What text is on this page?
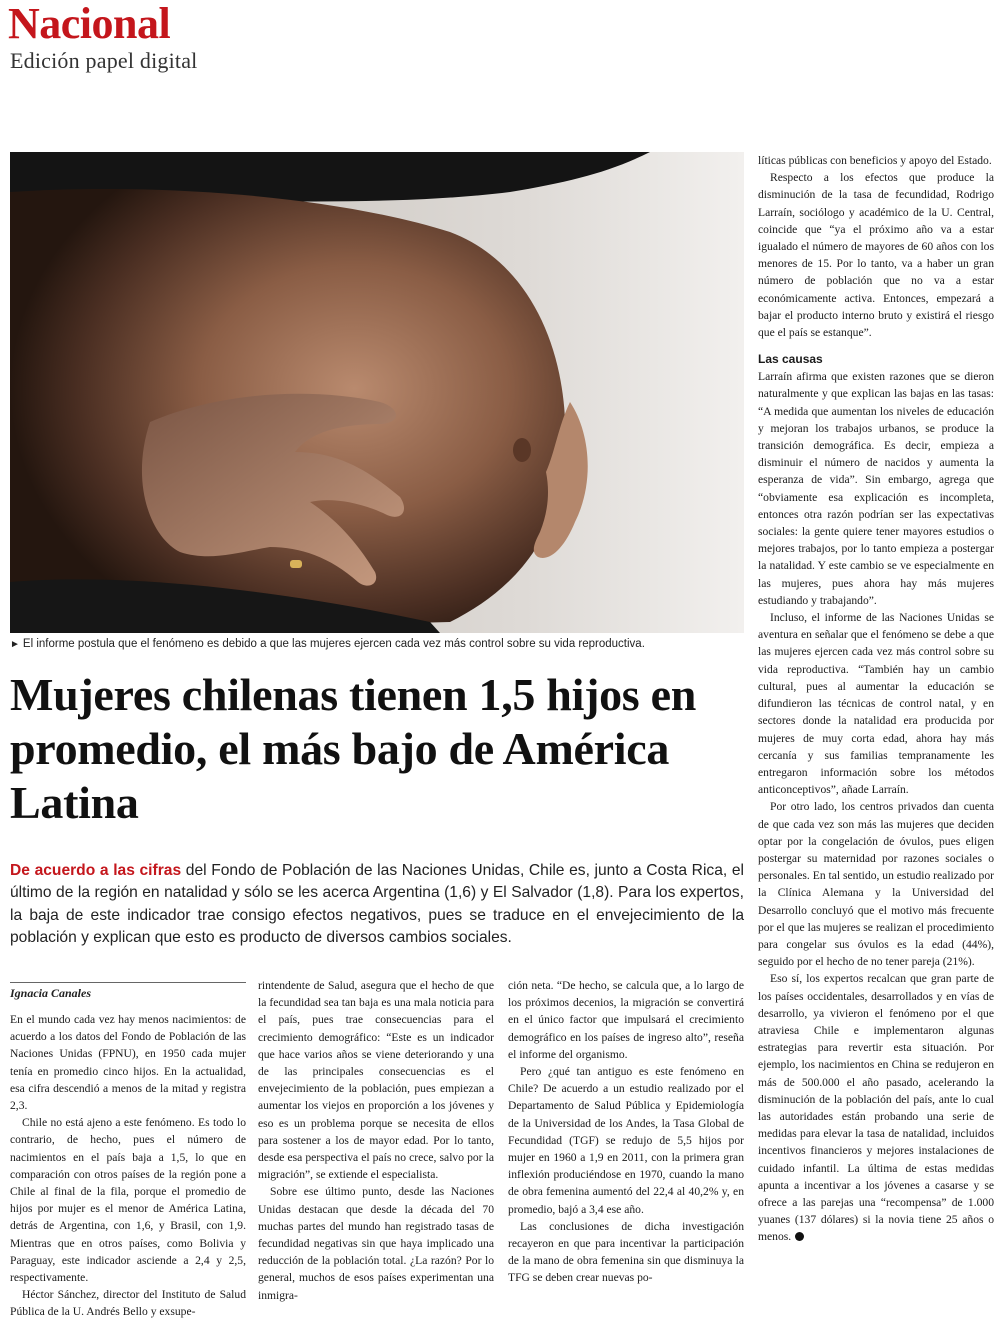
Nacional
Edición papel digital
► El informe postula que el fenómeno es debido a que las mujeres ejercen cada vez más control sobre su vida reproductiva.
Mujeres chilenas tienen 1,5 hijos en promedio, el más bajo de América Latina
De acuerdo a las cifras del Fondo de Población de las Naciones Unidas, Chile es, junto a Costa Rica, el último de la región en natalidad y sólo se les acerca Argentina (1,6) y El Salvador (1,8). Para los expertos, la baja de este indicador trae consigo efectos negativos, pues se traduce en el envejecimiento de la población y explican que esto es producto de diversos cambios sociales.
Ignacia Canales

En el mundo cada vez hay menos nacimientos: de acuerdo a los datos del Fondo de Población de las Naciones Unidas (FPNU), en 1950 cada mujer tenía en promedio cinco hijos. En la actualidad, esa cifra descendió a menos de la mitad y registra 2,3.

Chile no está ajeno a este fenómeno. Es todo lo contrario, de hecho, pues el número de nacimientos en el país baja a 1,5, lo que en comparación con otros países de la región pone a Chile al final de la fila, porque el promedio de hijos por mujer es el menor de América Latina, detrás de Argentina, con 1,6, y Brasil, con 1,9. Mientras que en otros países, como Bolivia y Paraguay, este indicador asciende a 2,4 y 2,5, respectivamente.

Héctor Sánchez, director del Instituto de Salud Pública de la U. Andrés Bello y exsupe-

rintendente de Salud, asegura que el hecho de que la fecundidad sea tan baja es una mala noticia para el país, pues trae consecuencias para el crecimiento demográfico: “Este es un indicador que hace varios años se viene deteriorando y una de las principales consecuencias es el envejecimiento de la población, pues empiezan a aumentar los viejos en proporción a los jóvenes y eso es un problema porque se necesita de ellos para sostener a los de mayor edad. Por lo tanto, desde esa perspectiva el país no crece, salvo por la migración”, se extiende el especialista.

Sobre ese último punto, desde las Naciones Unidas destacan que desde la década del 70 muchas partes del mundo han registrado tasas de fecundidad negativas sin que haya implicado una reducción de la población total. ¿La razón? Por lo general, muchos de esos países experimentan una inmigra-

ción neta. “De hecho, se calcula que, a lo largo de los próximos decenios, la migración se convertirá en el único factor que impulsará el crecimiento demográfico en los países de ingreso alto”, reseña el informe del organismo.

Pero ¿qué tan antiguo es este fenómeno en Chile? De acuerdo a un estudio realizado por el Departamento de Salud Pública y Epidemiología de la Universidad de los Andes, la Tasa Global de Fecundidad (TGF) se redujo de 5,5 hijos por mujer en 1960 a 1,9 en 2011, con la primera gran inflexión produciéndose en 1970, cuando la mano de obra femenina aumentó del 22,4 al 40,2% y, en promedio, bajó a 3,4 ese año.

Las conclusiones de dicha investigación recayeron en que para incentivar la participación de la mano de obra femenina sin que disminuya la TFG se deben crear nuevas po-

líticas públicas con beneficios y apoyo del Estado.

Respecto a los efectos que produce la disminución de la tasa de fecundidad, Rodrigo Larraín, sociólogo y académico de la U. Central, coincide que “ya el próximo año va a estar igualado el número de mayores de 60 años con los menores de 15. Por lo tanto, va a haber un gran número de población que no va a estar económicamente activa. Entonces, empezará a bajar el producto interno bruto y existirá el riesgo que el país se estanque”.

Las causas

Larraín afirma que existen razones que se dieron naturalmente y que explican las bajas en las tasas: “A medida que aumentan los niveles de educación y mejoran los trabajos urbanos, se produce la transición demográfica. Es decir, empieza a disminuir el número de nacidos y aumenta la esperanza de vida”. Sin embargo, agrega que “obviamente esa explicación es incompleta, entonces otra razón podrían ser las expectativas sociales: la gente quiere tener mayores estudios o mejores trabajos, por lo tanto empieza a postergar la natalidad. Y este cambio se ve especialmente en las mujeres, pues ahora hay más mujeres estudiando y trabajando”.

Incluso, el informe de las Naciones Unidas se aventura en señalar que el fenómeno se debe a que las mujeres ejercen cada vez más control sobre su vida reproductiva. “También hay un cambio cultural, pues al aumentar la educación se difundieron las técnicas de control natal, y en sectores donde la natalidad era producida por mujeres de muy corta edad, ahora hay más cercanía y sus familias tempranamente les entregaron información sobre los métodos anticonceptivos”, añade Larraín.

Por otro lado, los centros privados dan cuenta de que cada vez son más las mujeres que deciden optar por la congelación de óvulos, pues eligen postergar su maternidad por razones sociales o personales. En tal sentido, un estudio realizado por la Clínica Alemana y la Universidad del Desarrollo concluyó que el motivo más frecuente por el que las mujeres se realizan el procedimiento para congelar sus óvulos es la edad (44%), seguido por el hecho de no tener pareja (21%).

Eso sí, los expertos recalcan que gran parte de los países occidentales, desarrollados y en vías de desarrollo, ya vivieron el fenómeno por el que atraviesa Chile e implementaron algunas estrategias para revertir esta situación. Por ejemplo, los nacimientos en China se redujeron en más de 500.000 el año pasado, acelerando la disminución de la población del país, ante lo cual las autoridades están probando una serie de medidas para elevar la tasa de natalidad, incluidos incentivos financieros y mejores instalaciones de cuidado infantil. La última de estas medidas apunta a incentivar a los jóvenes a casarse y se ofrece a las parejas una “recompensa” de 1.000 yuanes (137 dólares) si la novia tiene 25 años o menos.
